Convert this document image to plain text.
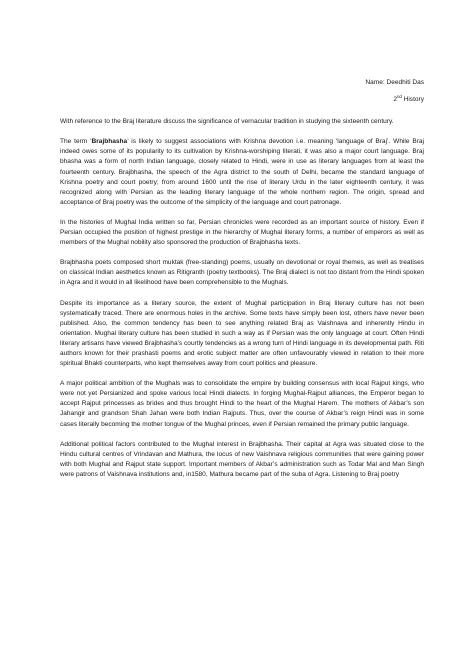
Name: Deedhiti Das
2nd History

With reference to the Braj literature discuss the significance of vernacular tradition in studying the sixteenth century.

The term ‘Brajbhasha’ is likely to suggest associations with Krishna devotion i.e. meaning ‘language of Braj’. While Braj indeed owes some of its popularity to its cultivation by Krishna-worshiping literati, it was also a major court language. Braj bhasha was a form of north Indian language, closely related to Hindi, were in use as literary languages from at least the fourteenth century. Brajbhasha, the speech of the Agra district to the south of Delhi, became the standard language of Krishna poetry and court poetry; from around 1600 until the rise of literary Urdu in the later eighteenth century, it was recognized along with Persian as the leading literary language of the whole northern region. The origin, spread and acceptance of Braj poetry was the outcome of the simplicity of the language and court patronage.

In the histories of Mughal India written so far, Persian chronicles were recorded as an important source of history. Even if Persian occupied the position of highest prestige in the hierarchy of Mughal literary forms, a number of emperors as well as members of the Mughal nobility also sponsored the production of Brajbhasha texts.

Brajbhasha poets composed short muktak (free-standing) poems, usually on devotional or royal themes, as well as treatises on classical Indian aesthetics known as Ritigranth (poetry textbooks). The Braj dialect is not too distant from the Hindi spoken in Agra and it would in all likelihood have been comprehensible to the Mughals.

Despite its importance as a literary source, the extent of Mughal participation in Braj literary culture has not been systematically traced. There are enormous holes in the archive. Some texts have simply been lost, others have never been published. Also, the common tendency has been to see anything related Braj as Vaishnava and inherently Hindu in orientation. Mughal literary culture has been studied in such a way as if Persian was the only language at court. Often Hindi literary artisans have viewed Brajbhasha’s courtly tendencies as a wrong turn of Hindi language in its developmental path. Riti authors known for their prashasti poems and erotic subject matter are often unfavourably viewed in relation to their more spiritual Bhakti counterparts, who kept themselves away from court politics and pleasure.

A major political ambition of the Mughals was to consolidate the empire by building consensus with local Rajput kings, who were not yet Persianized and spoke various local Hindi dialects. In forging Mughal-Rajput alliances, the Emperor began to accept Rajput princesses as brides and thus brought Hindi to the heart of the Mughal Harem. The mothers of Akbar’s son Jahangir and grandson Shah Jahan were both Indian Rajputs. Thus, over the course of Akbar’s reign Hindi was in some cases literally becoming the mother tongue of the Mughal princes, even if Persian remained the primary public language.

Additional political factors contributed to the Mughal interest in Brajbhasha. Their capital at Agra was situated close to the Hindu cultural centres of Vrindavan and Mathura, the locus of new Vaishnava religious communities that were gaining power with both Mughal and Rajput state support. Important members of Akbar’s administration such as Todar Mal and Man Singh were patrons of Vaishnava institutions and, in1580, Mathura became part of the suba of Agra. Listening to Braj poetry
